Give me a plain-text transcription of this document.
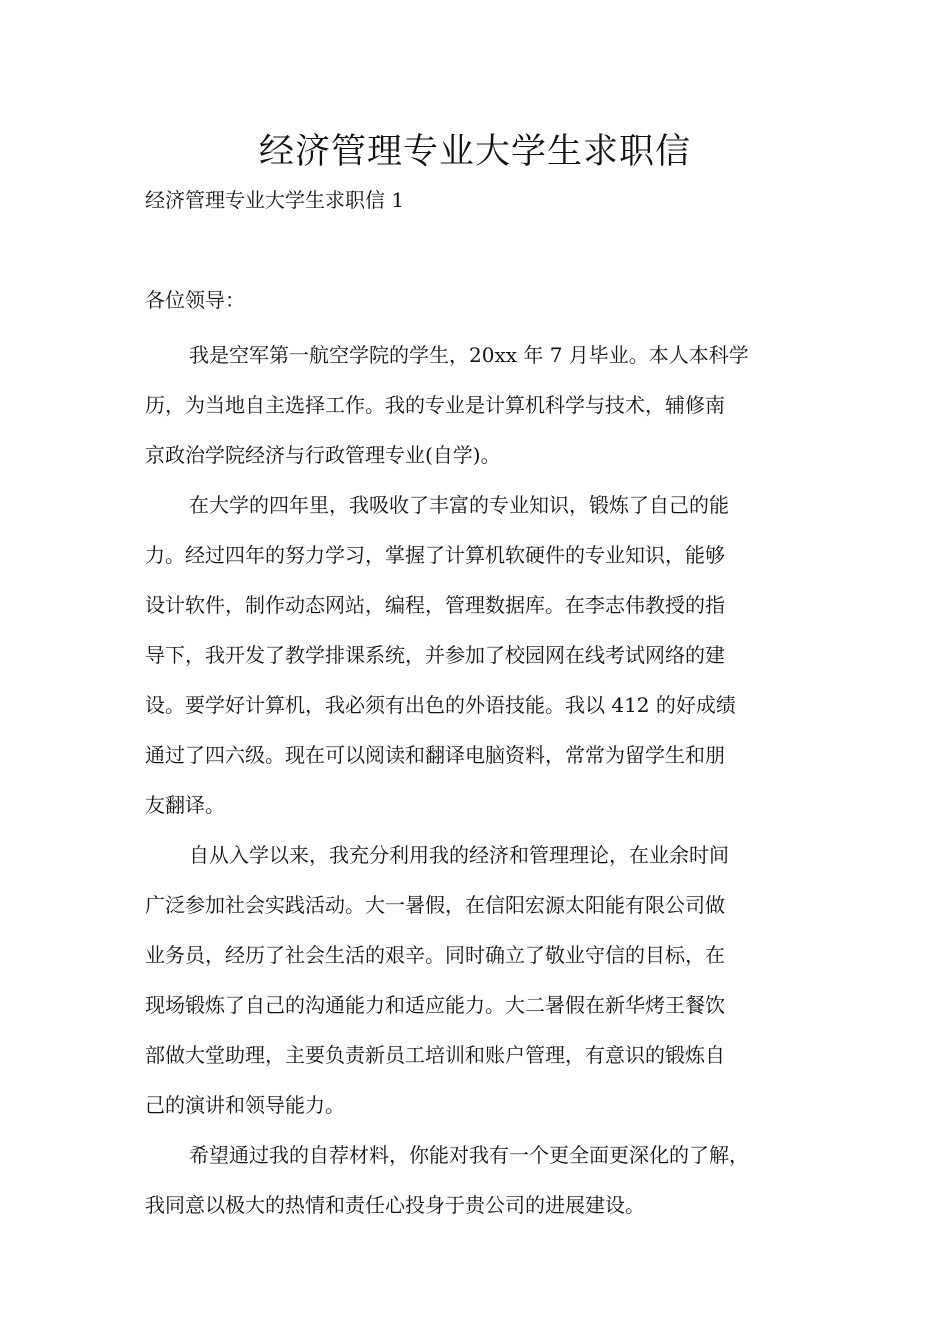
经济管理专业大学生求职信

经济管理专业大学生求职信 1

各位领导：

我是空军第一航空学院的学生，20xx 年 7 月毕业。本人本科学
历，为当地自主选择工作。我的专业是计算机科学与技术，辅修南
京政治学院经济与行政管理专业(自学)。
在大学的四年里，我吸收了丰富的专业知识，锻炼了自己的能
力。经过四年的努力学习，掌握了计算机软硬件的专业知识，能够
设计软件，制作动态网站，编程，管理数据库。在李志伟教授的指
导下，我开发了教学排课系统，并参加了校园网在线考试网络的建
设。要学好计算机，我必须有出色的外语技能。我以 412 的好成绩
通过了四六级。现在可以阅读和翻译电脑资料，常常为留学生和朋
友翻译。
自从入学以来，我充分利用我的经济和管理理论，在业余时间
广泛参加社会实践活动。大一暑假，在信阳宏源太阳能有限公司做
业务员，经历了社会生活的艰辛。同时确立了敬业守信的目标，在
现场锻炼了自己的沟通能力和适应能力。大二暑假在新华烤王餐饮
部做大堂助理，主要负责新员工培训和账户管理，有意识的锻炼自
己的演讲和领导能力。
希望通过我的自荐材料，你能对我有一个更全面更深化的了解，
我同意以极大的热情和责任心投身于贵公司的进展建设。
